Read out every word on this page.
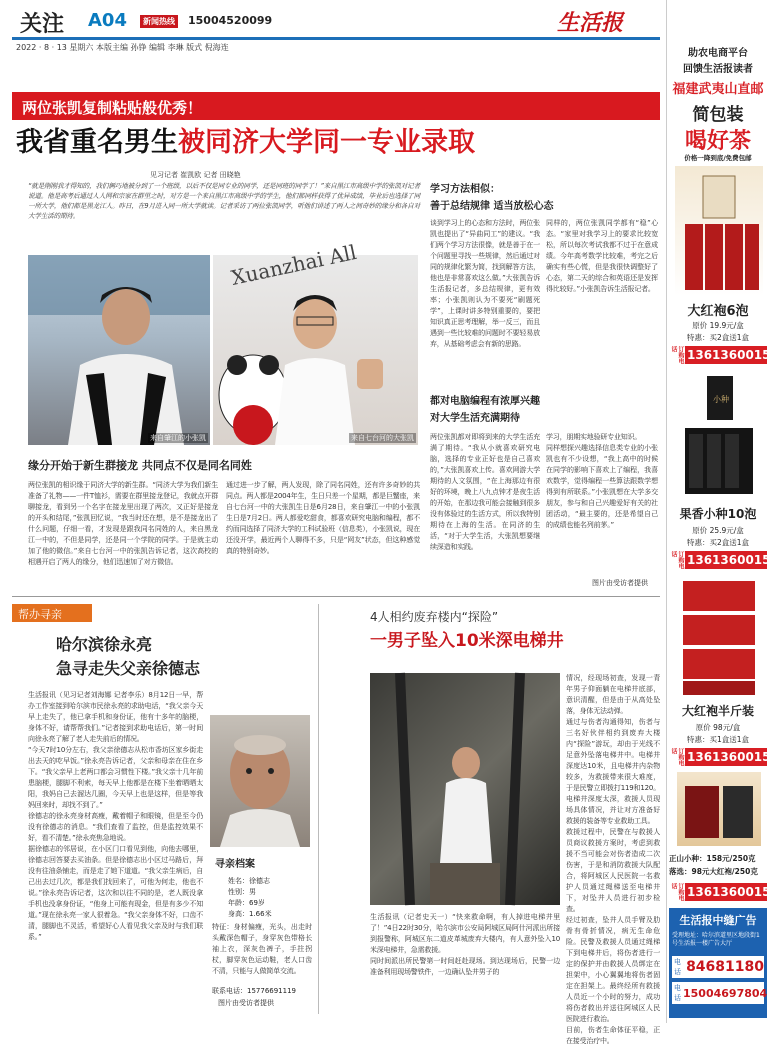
关注 A04	新闻热线 15004520099	生活报
2022 · 8 · 13 星期六 本版主编 孙铮 编辑 李琳 版式 倪海连
两位张凯复制粘贴般优秀！
我省重名男生被同济大学同一专业录取
见习记者 崔凯欧 记者 田晓艳
“就是刚刚我才得知的，我们俩巧地被分到了一个班级，以后不仅是同专业的同学，还是同班的同学了！”来自黑江市高级中学的张凯对记者说道。他是高考后通过人人网和宗家在群里之时，对方是一个来自黑江市高级中学的学生，他们都同样获得了优异成绩，毕业后也选择了同一所大学，他们都是黑龙江人。昨日，在9月进入同一所大学就读。记者采访了两位张凯同学，听他们讲述了两人之间奇妙的缘分和各自对大学生活的期待。
来自肇江的小张凯
Xuanzhai All
来自七台河的大张凯
缘分开始于新生群接龙 共同点不仅是同名同姓
两位张凯的相识缘于同济大学的新生群。“同济大学为我们新生准备了礼物——一件T恤衫，需要在群里接龙登记，我就点开群聊接龙，看到另一个名字在接龙里出现了两次，又正好是接龙的开头和结尾，”张凯回忆说，“我当时还在想，是不是接龙出了什么问题，仔细一看，才发现是跟我同名同姓的人，来自黑龙江一中的，不但是同学，还是同一个学院的同学。于是就主动加了他的微信。”来自七台河一中的张凯告诉记者，这次高校的相遇开启了两人的缘分，他们迅速加了对方微信。
通过进一步了解，两人发现，除了同名同姓，还有许多奇妙的共同点。两人都是2004年生，生日只差一个星期，都是巨蟹座，来自七台河一中的大张凯生日是6月28日，来自肇江一中的小张凯生日是7月2日。两人都爱吃甜食，都喜欢研究电脑和编程，都不约而同选择了同济大学的工科试验班（信息类），小张凯说，现在还没开学，最近两个人聊得不多，只是“网友”状态，但这种感觉真的特别奇妙。
学习方法相似：
善于总结规律 适当放松心态
谈到学习上的心态和方法时，两位张凯也提出了“异曲同工”的建议。“我们两个学习方法很像，就是善于在一个问题里寻找一些规律，然后通过对同的规律化繁为简，找到解答方法，他也是非常喜欢这么做。”大张凯告诉生活报记者，多总结规律，更有效率；小张凯则认为不要死“刷题死学”，上课时讲多特别重要的，要把知识真正思考理解，举一反三，而且遇到一些比较难的问题时不要轻易放弃，从基础考虑会有新的思路。
同样的，两位张凯同学都有“稳”心态。“家里对我学习上的要求比较宽松，所以每次考试我都不过于在意成绩。今年高考数学比较难，考完之后确实有些心慌，但是我很快调整好了心态，第二天的综合和英语还是发挥得比较好。”小张凯告诉生活报记者。
都对电脑编程有浓厚兴趣
对大学生活充满期待
两位张凯都对即将到来的大学生活充满了期待。“我从小就喜欢研究电脑，选择的专业正好也是自己喜欢的，”大张凯喜欢上传。喜欢网游大学期待的人文氛围，“在上海那边有很好的环境，晚上八九点钟才是夜生活的开始，在那边我可能会接触到很多没有体验过的生活方式，所以我特别期待在上海的生活。在同济的生活，“对于大学生活，大张凯想要继续深造和实践。
学习，朋期实地验研专业知识。
同样想探兴趣选择信息类专业的小张凯也有不少设想，“我上高中的时候在同学的影响下喜欢上了编程，我喜欢数学，觉得编程一些算法跟数学想得到有所联系。”小张凯想在大学多交朋友，参与和自己兴趣爱好有关的社团活动，“最主要的，还是希望自己的成绩也能名列前茅。”
图片由受访者提供
帮办寻亲
哈尔滨徐永亮
急寻走失父亲徐德志
生活报讯（见习记者刘海娜 记者李乐）8月12日一早，帮办工作室接到哈尔滨市民徐永亮的求助电话，“我父亲今天早上走失了，他已拿手机和身份证，他有十多年的脑梗，身体不好，请帮帮我们。”记者接到求助电话后，第一时间向徐永亮了解了老人走失前后的情况。
“今天7时10分左右，我父亲徐德志从松市香坊区家乡街走出去天的吃早饭。”徐永亮告诉记者，父亲和母亲在住在乡下。“我父亲早上老两口都会习惯性下楼。”我父亲十几年前患脑梗，腿脚不利索，每天早上他都是在楼下坐着晒晒太阳，我妈自己去溜达几圈，今天早上也是这样，但是等我妈回来时，却找不到了。”
徐德志的徐永亮身材高瘦，戴着帽子和眼镜，但是至今仍没有徐德志的消息。“我们查看了监控，但是监控效果不好，看不清楚。”徐永亮焦急地说。
据徐德志的邻居说，在小区门口看见到他，向他去哪里，徐德志回答要去买油条。但是徐德志出小区过马路后，拜没有往油条铺走，而是走了她下道道。“我父亲生病后，自己出去过几次，都是我们找回来了，可他为何走，他也不说。”徐永亮告诉记者，这次和以往不同的是，老人既没拿手机也没拿身份证，“他身上可能有现金，但是有多少不知道。”现在徐永亮一家人很着急。“我父亲身体不好，口齿不清，腿脚也不灵活，希望好心人看见我父亲及时与我们联系。”
寻亲档案
姓名：徐德志
性别：男
年龄：69岁
身高：1.66米
特征：身材偏瘦，光头，出走时头戴深色帽子，身穿灰色带格长袖上衣，深灰色裤子，手拄拐杖，脚穿灰色运动鞋，老人口齿不清，只能与人做简单交流。
联系电话：15776691119
图片由受访者提供
4人相约废弃楼内“探险”
一男子坠入10米深电梯井
生活报讯（记者史天一）“快来救命啊，有人掉进电梯井里了！”4日22时30分，哈尔滨市公安局阿城区局阿什河派出所接到报警称，阿城区东二道皮革城废弃大楼内，有人意外坠入10米深电梯井，急需救援。
同时间派出所民警第一时间赶赴现场。到达现场后，民警一边准备利用现场警铁件，一边确认坠井男子的
情况，经现场初查，发现一青年男子仰面躺在电梯井底部，意识清醒，但是由于从高处坠落，身体无法动弹。
通过与伤者沟通得知，伤者与三名好伙伴相约到废弃大楼内“探险”游玩，却由于光线不足意外坠落电梯井中。电梯井深度达10米，且电梯井内杂物较多，为救援带来很大难度，于是民警立即拨打119和120。电梯井深度太深，救援人员现场具体情况，并让对方准备好救援的装备等专业救助工具。
救援过程中，民警在与救援人员商议救援方案时，考虑到救援不当可能会对伤者造成二次伤害，于是和消防救援大队配合，将阿城区人民医院一名救护人员通过绳梯送至电梯井下，对坠井人员进行初步检查。
经过初查，坠井人员手臂及肋骨有骨折情况，病无生命危险。民警及救援人员通过绳梯下到电梯井后，将伤者进行一定的保护并由救援人员绑定在担架中，小心翼翼地将伤者固定在担架上。最终经所有救援人员近一个小时的努力，成功将伤者救出并送往阿城区人民医院进行救治。
目前，伤者生命体征平稳，正在接受治疗中。
助农电商平台
回馈生活报读者
福建武夷山直邮
简包装
喝好茶
价格一降到底/免费包邮
大红袍6泡
原价 19.9元/盒
特惠：买2盒送1盒
订购电话 13613600156
小种
果香小种10泡
原价 25.9元/盒
特惠：买2盒送1盒
订购电话 13613600156
大红袍半斤装
原价 98元/盒
特惠：买1盒送1盒
订购电话 13613600156
正山小种：158元/250克
落选：98元大红袍/250克
订购电话 13613600156
生活报中缝广告
受理地址：哈尔滨道里区地段街1号生活报一楼广告大厅
电话 84681180
电话 15004697804
